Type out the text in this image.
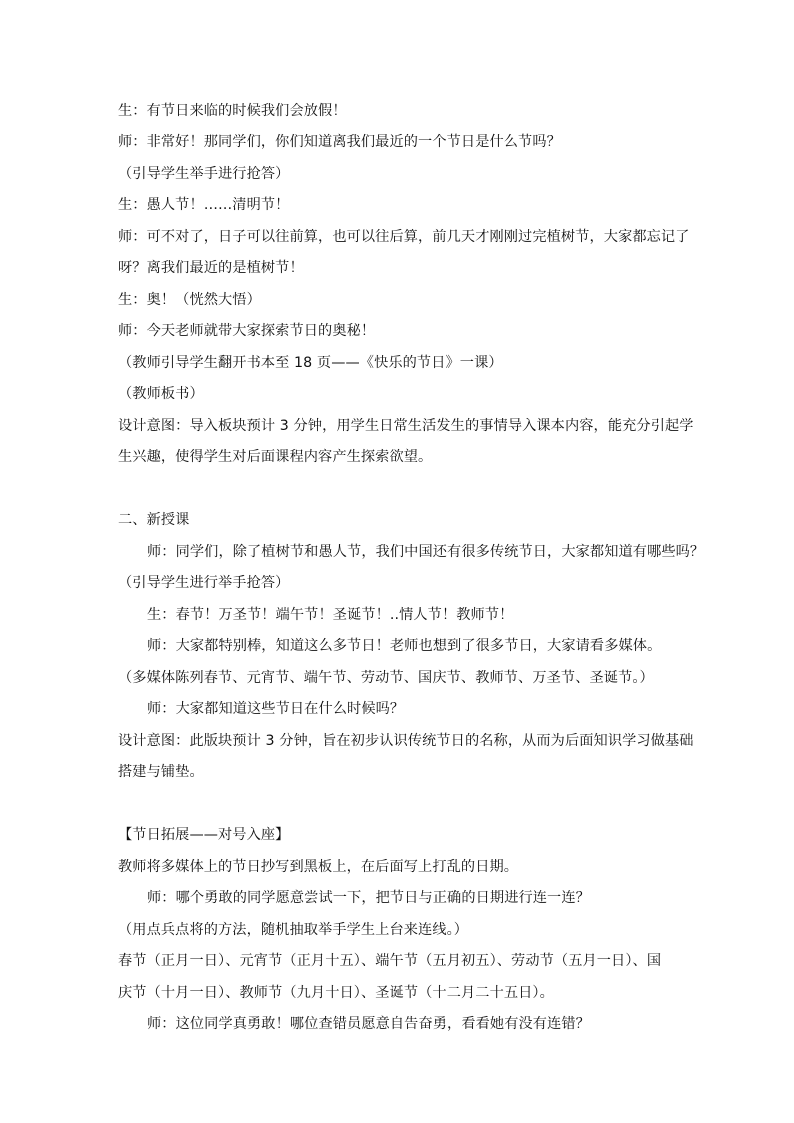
生：有节日来临的时候我们会放假！
师：非常好！那同学们，你们知道离我们最近的一个节日是什么节吗？
（引导学生举手进行抢答）
生：愚人节！……清明节！
师：可不对了，日子可以往前算，也可以往后算，前几天才刚刚过完植树节，大家都忘记了
呀？离我们最近的是植树节！
生：奥！（恍然大悟）
师：今天老师就带大家探索节日的奥秘！
（教师引导学生翻开书本至 18 页——《快乐的节日》一课）
（教师板书）
设计意图：导入板块预计 3 分钟，用学生日常生活发生的事情导入课本内容，能充分引起学
生兴趣，使得学生对后面课程内容产生探索欲望。
二、新授课
师：同学们，除了植树节和愚人节，我们中国还有很多传统节日，大家都知道有哪些吗？
（引导学生进行举手抢答）
生：春节！万圣节！端午节！圣诞节！..情人节！教师节！
师：大家都特别棒，知道这么多节日！老师也想到了很多节日，大家请看多媒体。
（多媒体陈列春节、元宵节、端午节、劳动节、国庆节、教师节、万圣节、圣诞节。）
师：大家都知道这些节日在什么时候吗？
设计意图：此版块预计 3 分钟，旨在初步认识传统节日的名称，从而为后面知识学习做基础
搭建与铺垫。
【节日拓展——对号入座】
教师将多媒体上的节日抄写到黑板上，在后面写上打乱的日期。
师：哪个勇敢的同学愿意尝试一下，把节日与正确的日期进行连一连？
（用点兵点将的方法，随机抽取举手学生上台来连线。）
春节（正月一日）、元宵节（正月十五）、端午节（五月初五）、劳动节（五月一日）、国
庆节（十月一日）、教师节（九月十日）、圣诞节（十二月二十五日）。
师：这位同学真勇敢！哪位查错员愿意自告奋勇，看看她有没有连错？
